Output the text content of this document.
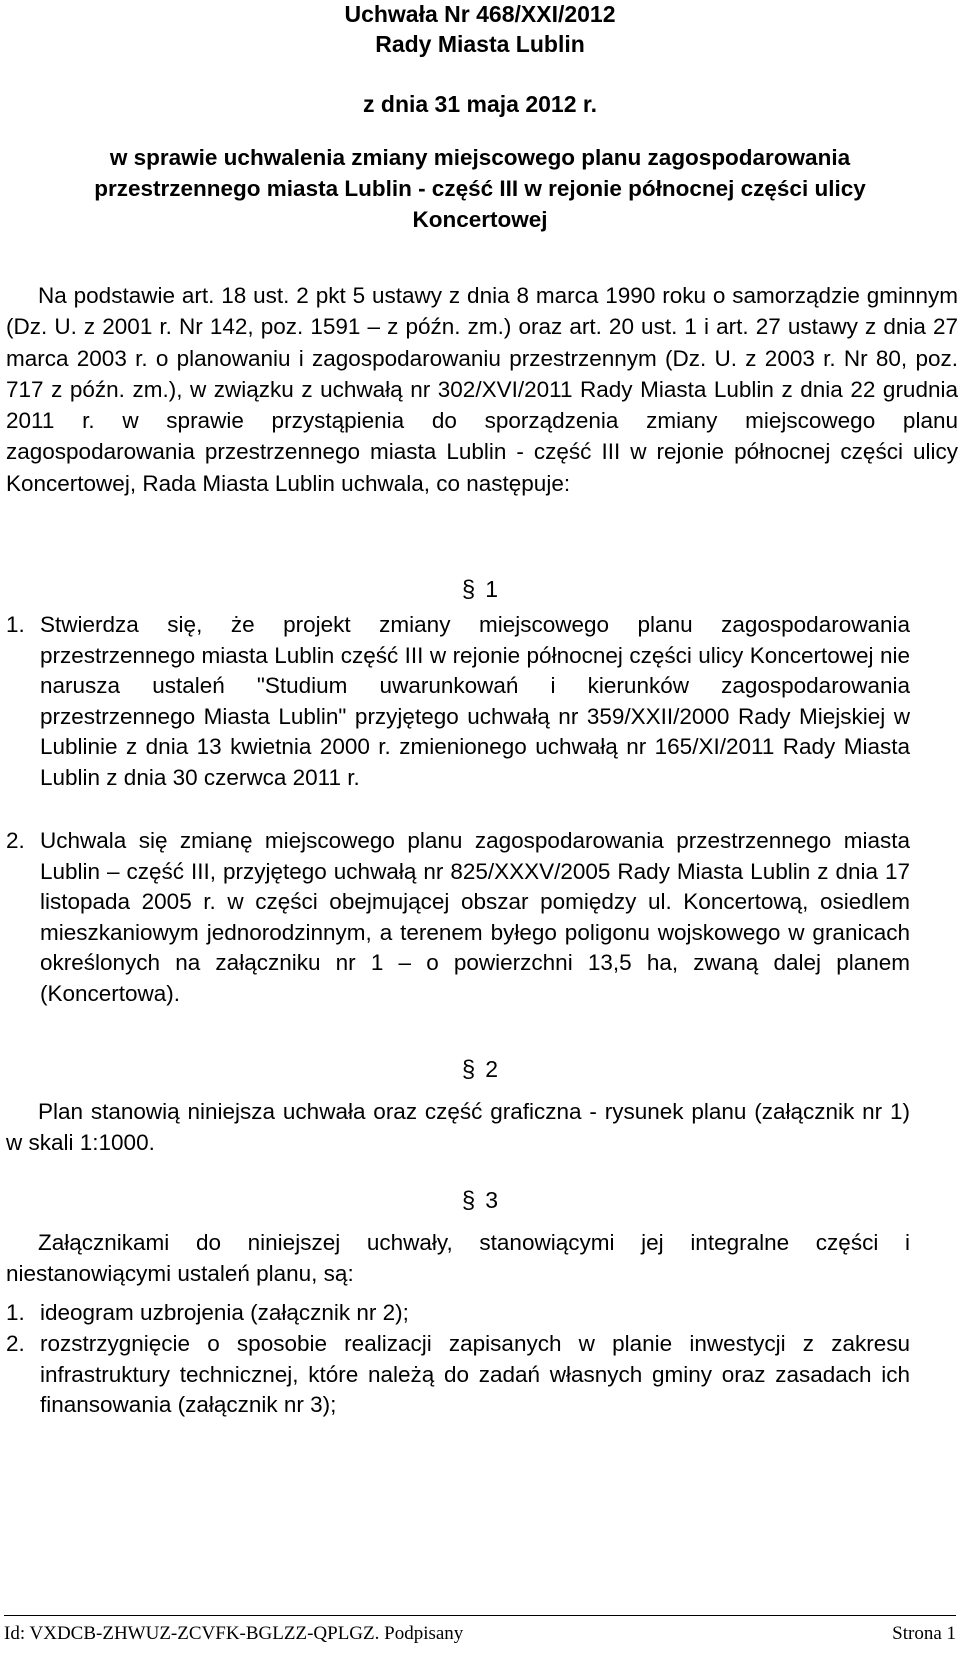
Uchwała Nr 468/XXI/2012
Rady Miasta Lublin
z dnia 31 maja 2012 r.
w sprawie uchwalenia zmiany miejscowego planu zagospodarowania przestrzennego miasta Lublin - część III w rejonie północnej części ulicy Koncertowej
Na podstawie art. 18 ust. 2 pkt 5 ustawy z dnia 8 marca 1990 roku o samorządzie gminnym (Dz. U. z 2001 r. Nr 142, poz. 1591 – z późn. zm.) oraz art. 20 ust. 1 i art. 27 ustawy z dnia 27 marca 2003 r. o planowaniu i zagospodarowaniu przestrzennym (Dz. U. z 2003 r. Nr 80, poz. 717 z późn. zm.), w związku z uchwałą nr 302/XVI/2011 Rady Miasta Lublin z dnia 22 grudnia 2011 r. w sprawie przystąpienia do sporządzenia zmiany miejscowego planu zagospodarowania przestrzennego miasta Lublin - część III w rejonie północnej części ulicy Koncertowej, Rada Miasta Lublin uchwala, co następuje:
§ 1
1. Stwierdza się, że projekt zmiany miejscowego planu zagospodarowania przestrzennego miasta Lublin część III w rejonie północnej części ulicy Koncertowej nie narusza ustaleń "Studium uwarunkowań i kierunków zagospodarowania przestrzennego Miasta Lublin" przyjętego uchwałą nr 359/XXII/2000 Rady Miejskiej w Lublinie z dnia 13 kwietnia 2000 r. zmienionego uchwałą nr 165/XI/2011 Rady Miasta Lublin z dnia 30 czerwca 2011 r.
2. Uchwala się zmianę miejscowego planu zagospodarowania przestrzennego miasta Lublin – część III, przyjętego uchwałą nr 825/XXXV/2005 Rady Miasta Lublin z dnia 17 listopada 2005 r. w części obejmującej obszar pomiędzy ul. Koncertową, osiedlem mieszkaniowym jednorodzinnym, a terenem byłego poligonu wojskowego w granicach określonych na załączniku nr 1 – o powierzchni 13,5 ha, zwaną dalej planem (Koncertowa).
§ 2
Plan stanowią niniejsza uchwała oraz część graficzna - rysunek planu (załącznik nr 1) w skali 1:1000.
§ 3
Załącznikami do niniejszej uchwały, stanowiącymi jej integralne części i niestanowiącymi ustaleń planu, są:
1. ideogram uzbrojenia (załącznik nr 2);
2. rozstrzygnięcie o sposobie realizacji zapisanych w planie inwestycji z zakresu infrastruktury technicznej, które należą do zadań własnych gminy oraz zasadach ich finansowania (załącznik nr 3);
Id: VXDCB-ZHWUZ-ZCVFK-BGLZZ-QPLGZ. Podpisany	Strona 1
